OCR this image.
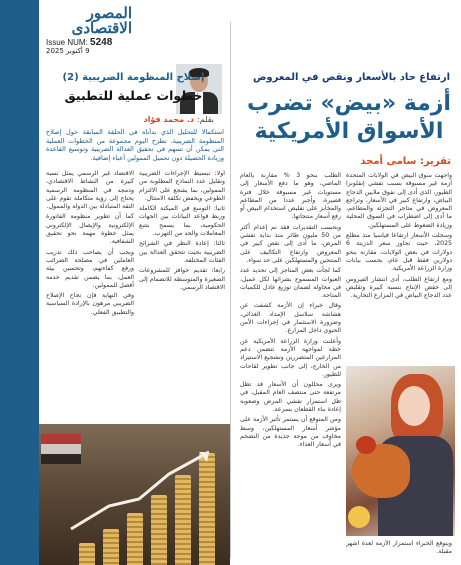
المصور
الاقتصادى
Issue NUM: 5248
9 أكتوبر 2025
ارتفاع حاد بالأسعار ونقص في المعروض
أزمة «بيض» تضرب
الأسواق الأمريكية
تقرير: سامى أمجد

واجهت سوق البيض في الولايات المتحدة أزمة غير مسبوقة بسبب تفشي إنفلونزا الطيور، الذي أدى إلى نفوق ملايين الدجاج البياض، وارتفاع كبير في الأسعار، وتراجع المعروض في متاجر التجزئة والمطاعم، ما أدى إلى اضطراب في السوق المحلية وزيادة الضغوط على المستهلكين.

وسجلت الأسعار ارتفاعا قياسيا منذ مطلع 2025، حيث تجاوز سعر الدزينة 6 دولارات في بعض الولايات، مقارنة بنحو دولارين فقط قبل عام، بحسب بيانات وزارة الزراعة الأمريكية.

ومع ارتفاع الطلب، أدى انتشار الفيروس إلى خفض الإنتاج بنسبة كبيرة وتقليص عدد الدجاج البياض في المزارع التجارية.

ويتوقع الخبراء استمرار الأزمة لعدة أشهر مقبلة.

الطلب بنحو 3 % مقارنة بالعام الماضي، وهو ما دفع الأسعار إلى مستويات غير مسبوقة خلال فترة قصيرة، وأجبر عددا من المطاعم والمخابز على تقليص استخدام البيض أو رفع أسعار منتجاتها.

وبحسب التقديرات فقد تم إعدام أكثر من 50 مليون طائر منذ بداية تفشي المرض، ما أدى إلى نقص كبير في المعروض وارتفاع التكاليف على المنتجين والمستهلكين على حد سواء.

كما لجأت بعض المتاجر إلى تحديد عدد العبوات المسموح بشرائها لكل عميل، في محاولة لضمان توزيع عادل للكميات المتاحة.

وقال خبراء إن الأزمة كشفت عن هشاشة سلاسل الإمداد الغذائي، وضرورة الاستثمار في إجراءات الأمن الحيوي داخل المزارع.

وأعلنت وزارة الزراعة الأمريكية عن خطة لمواجهة الأزمة تتضمن دعم المزارعين المتضررين وتشجيع الاستيراد من الخارج، إلى جانب تطوير لقاحات للطيور.

ويرى محللون أن الأسعار قد تظل مرتفعة حتى منتصف العام المقبل، في ظل استمرار تفشي المرض وصعوبة إعادة بناء القطعان بسرعة.

ومن المتوقع أن يستمر تأثير الأزمة على مؤشر أسعار المستهلكين، وسط مخاوف من موجة جديدة من التضخم في أسعار الغذاء.

إصلاح المنظومة الضريبية (2)
خطوات عملية للتطبيق
بقلم:د. محمد فؤاد
استكمالا للتحليل الذي بدأناه في الحلقة السابقة حول إصلاح المنظومة الضريبية، نطرح اليوم مجموعة من الخطوات العملية التي يمكن أن تسهم في تحقيق العدالة الضريبية وتوسيع القاعدة وزيادة الحصيلة دون تحميل الممولين أعباء إضافية.

أولا: تبسيط الإجراءات الضريبية وتقليل عدد النماذج المطلوبة من الممولين، بما يشجع على الالتزام الطوعي ويخفض تكلفة الامتثال.

ثانيا: التوسع في الميكنة الكاملة وربط قواعد البيانات بين الجهات الحكومية، بما يسمح بتتبع المعاملات والحد من التهرب.

ثالثا: إعادة النظر في الشرائح الضريبية بحيث تتحقق العدالة بين الفئات المختلفة.

رابعا: تقديم حوافز للمشروعات الصغيرة والمتوسطة للانضمام إلى الاقتصاد الرسمي.

الاقتصاد غير الرسمي يمثل نسبة كبيرة من النشاط الاقتصادي، ودمجه في المنظومة الرسمية يحتاج إلى رؤية متكاملة تقوم على الثقة المتبادلة بين الدولة والممول.

كما أن تطوير منظومة الفاتورة الإلكترونية والإيصال الإلكتروني يمثل خطوة مهمة نحو تحقيق الشفافية.

ويجب أن يصاحب ذلك تدريب العاملين في مصلحة الضرائب ورفع كفاءتهم، وتحسين بيئة العمل، بما يضمن تقديم خدمة أفضل للممولين.

وفي النهاية فإن نجاح الإصلاح الضريبي مرهون بالإرادة السياسية والتطبيق الفعلي.
